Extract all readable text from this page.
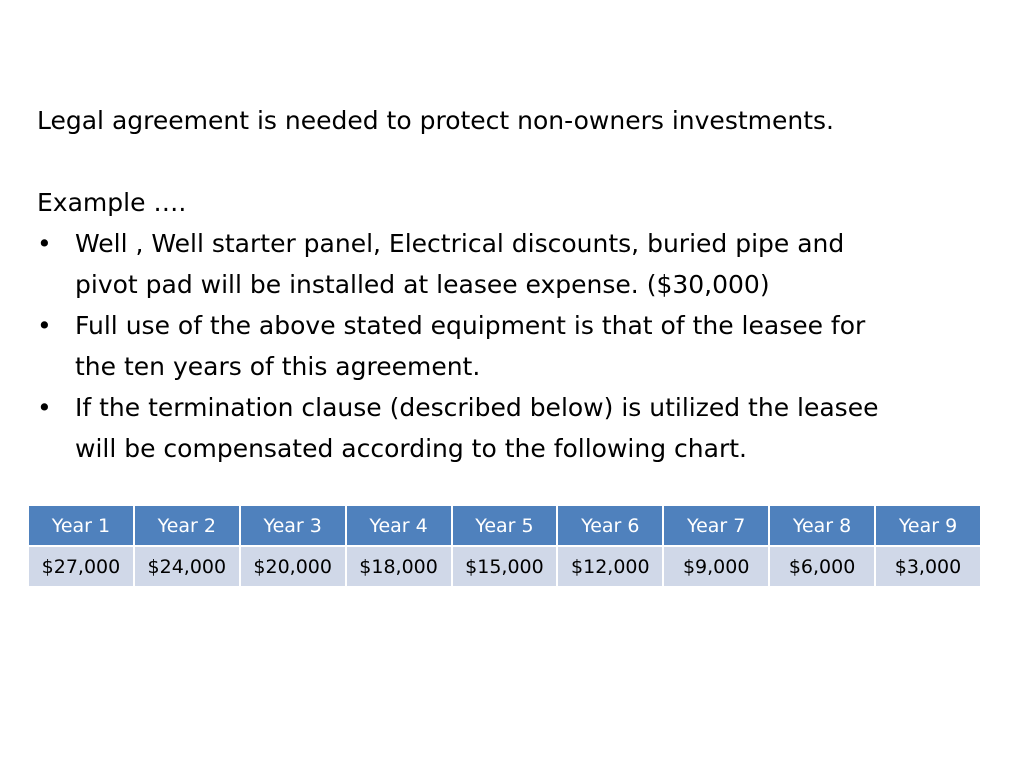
Legal agreement is needed to protect non-owners investments.

Example ….

• Well , Well starter panel, Electrical discounts, buried pipe and
pivot pad will be installed at leasee expense. ($30,000)
• Full use of the above stated equipment is that of the leasee for
the ten years of this agreement.
• If the termination clause (described below) is utilized the leasee
will be compensated according to the following chart.
Year 1	Year 2	Year 3	Year 4	Year 5	Year 6	Year 7	Year 8	Year 9
$27,000	$24,000	$20,000	$18,000	$15,000	$12,000	$9,000	$6,000	$3,000
